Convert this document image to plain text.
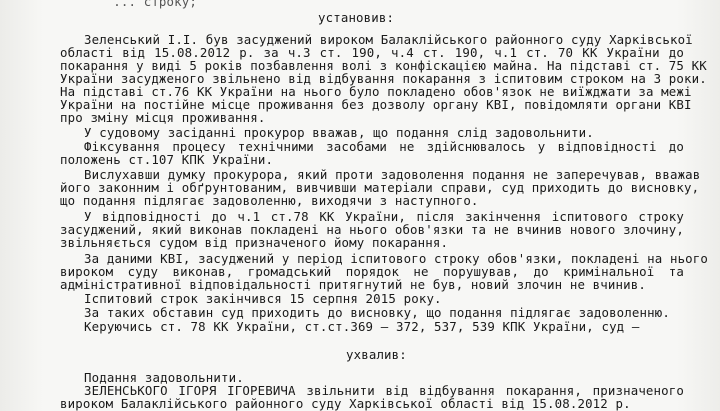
... строку;
установив:
Зеленський І.І. був засуджений вироком Балаклійського районного суду Харківської
області від 15.08.2012 р. за ч.3 ст. 190, ч.4 ст. 190, ч.1 ст. 70 КК України до
покарання у виді 5 років позбавлення волі з конфіскацією майна. На підставі ст. 75 КК
України засудженого звільнено від відбування покарання з іспитовим строком на 3 роки.
На підставі ст.76 КК України на нього було покладено обов'язок не виїжджати за межі
України на постійне місце проживання без дозволу органу КВІ, повідомляти органи КВІ
про зміну місця проживання.
У судовому засіданні прокурор вважав, що подання слід задовольнити.
Фіксування процесу технічними засобами не здійснювалось у відповідності до
положень ст.107 КПК України.
Вислухавши думку прокурора, який проти задоволення подання не заперечував, вважав
його законним і обґрунтованим, вивчивши матеріали справи, суд приходить до висновку,
що подання підлягає задоволенню, виходячи з наступного.
У відповідності до ч.1 ст.78 КК України, після закінчення іспитового строку
засуджений, який виконав покладені на нього обов'язки та не вчинив нового злочину,
звільняється судом від призначеного йому покарання.
За даними КВІ, засуджений у період іспитового строку обов'язки, покладені на нього
вироком суду виконав, громадський порядок не порушував, до кримінальної та
адміністративної відповідальності притягнутий не був, новий злочин не вчинив.
Іспитовий строк закінчився 15 серпня 2015 року.
За таких обставин суд приходить до висновку, що подання підлягає задоволенню.
Керуючись ст. 78 КК України, ст.ст.369 – 372, 537, 539 КПК України, суд –
ухвалив:
Подання задовольнити.
ЗЕЛЕНСЬКОГО ІГОРЯ ІГОРЕВИЧА звільнити від відбування покарання, призначеного
вироком Балаклійського районного суду Харківської області від 15.08.2012 р.
